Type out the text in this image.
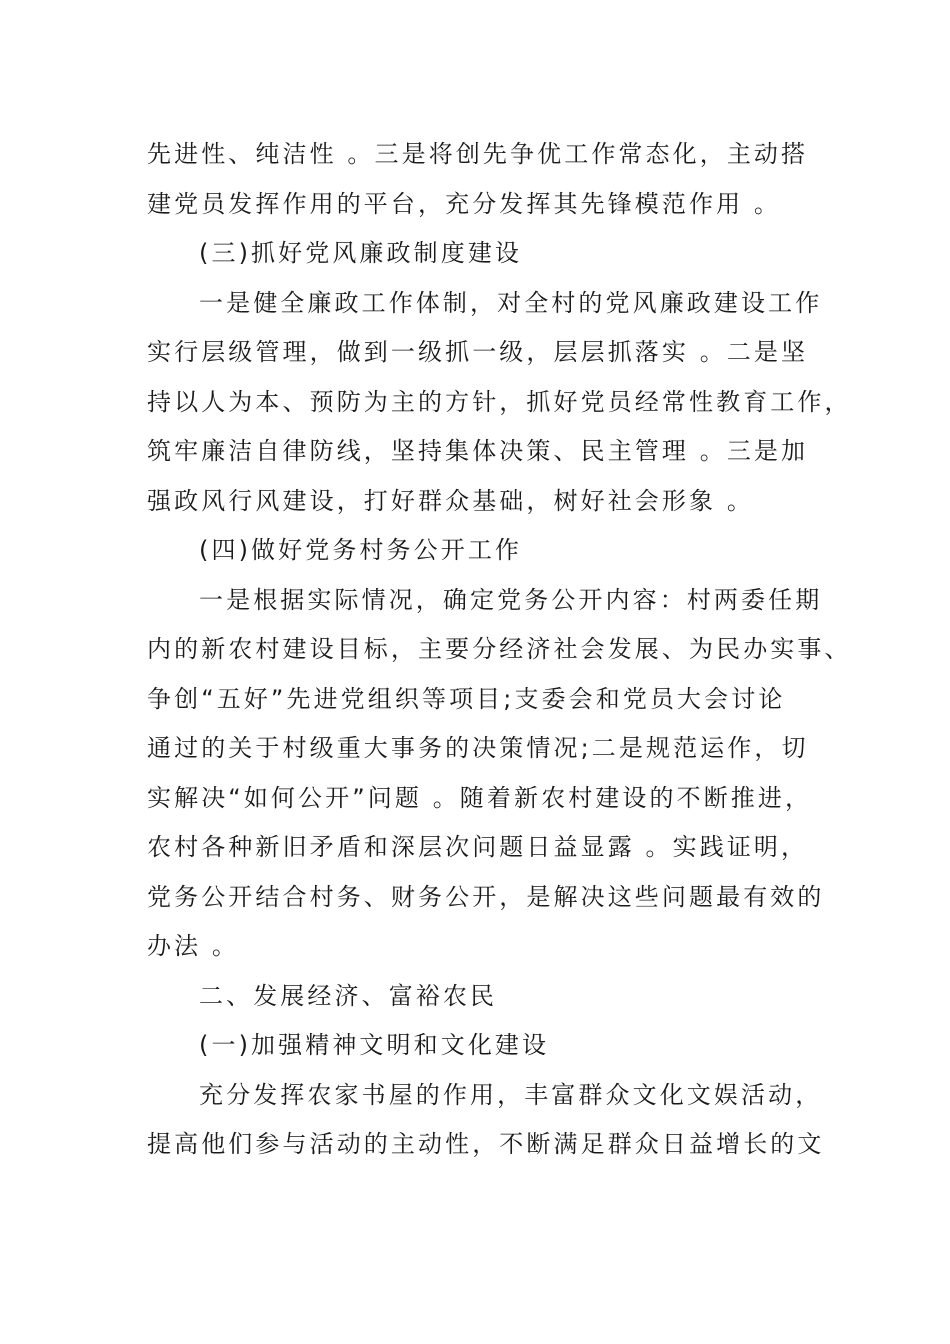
先进性、纯洁性 。三是将创先争优工作常态化，主动搭
建党员发挥作用的平台，充分发挥其先锋模范作用 。
(三)抓好党风廉政制度建设
一是健全廉政工作体制，对全村的党风廉政建设工作
实行层级管理，做到一级抓一级，层层抓落实 。二是坚
持以人为本、预防为主的方针，抓好党员经常性教育工作，
筑牢廉洁自律防线，坚持集体决策、民主管理 。三是加
强政风行风建设，打好群众基础，树好社会形象 。
(四)做好党务村务公开工作
一是根据实际情况，确定党务公开内容：村两委任期
内的新农村建设目标，主要分经济社会发展、为民办实事、
争创“五好”先进党组织等项目;支委会和党员大会讨论
通过的关于村级重大事务的决策情况;二是规范运作，切
实解决“如何公开”问题 。随着新农村建设的不断推进，
农村各种新旧矛盾和深层次问题日益显露 。实践证明，
党务公开结合村务、财务公开，是解决这些问题最有效的
办法 。
二、发展经济、富裕农民
(一)加强精神文明和文化建设
充分发挥农家书屋的作用，丰富群众文化文娱活动，
提高他们参与活动的主动性，不断满足群众日益增长的文
